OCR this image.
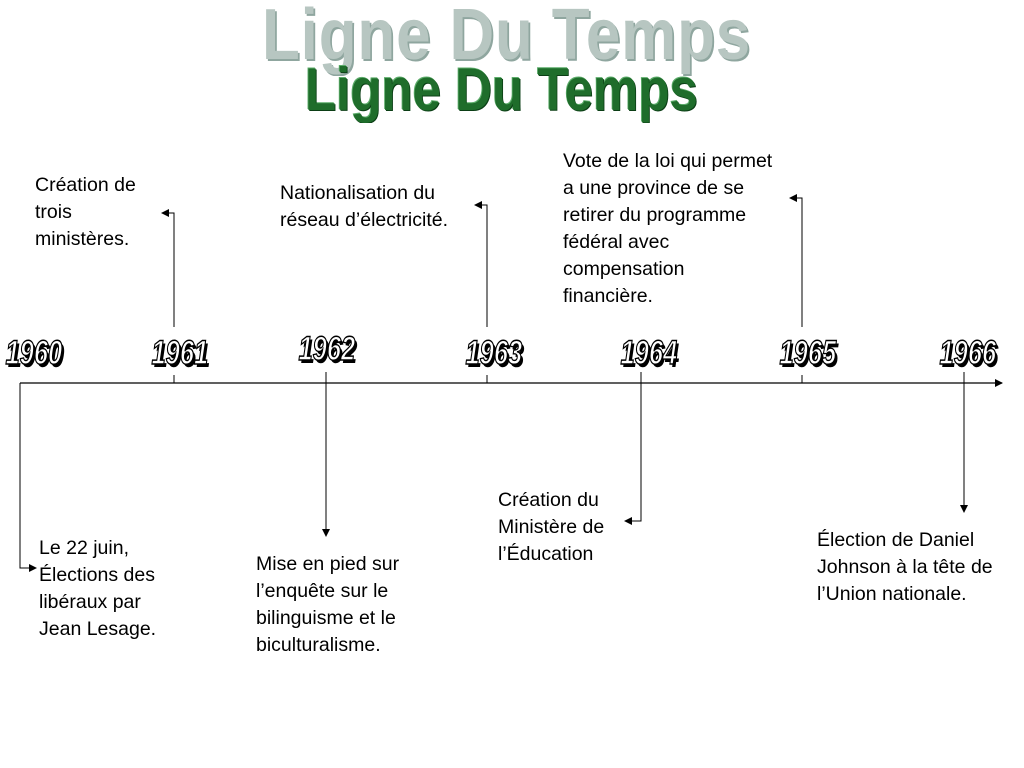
Ligne Du Temps
Ligne Du Temps
1960	1961	1962	1963	1964	1965	1966
Création de
trois
ministères.
Nationalisation du
réseau d’électricité.
Vote de la loi qui permet
a une province de se
retirer du programme
fédéral avec
compensation
financière.
Le 22 juin,
Élections des
libéraux par
Jean Lesage.
Mise en pied sur
l’enquête sur le
bilinguisme et le
biculturalisme.
Création du
Ministère de
l’Éducation
Élection de Daniel
Johnson à la tête de
l’Union nationale.
